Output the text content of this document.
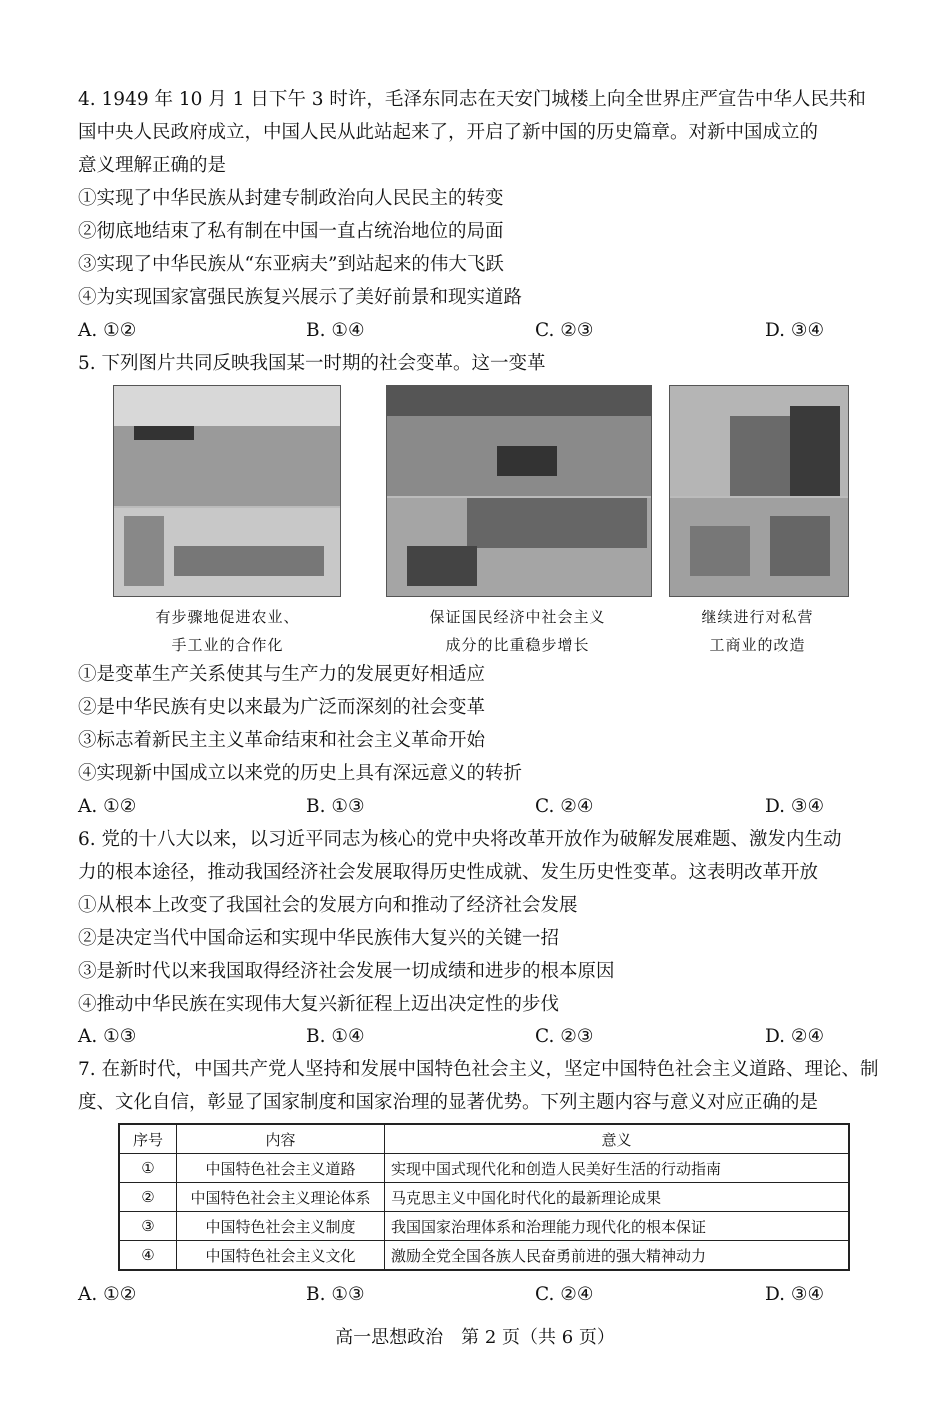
4. 1949 年 10 月 1 日下午 3 时许，毛泽东同志在天安门城楼上向全世界庄严宣告中华人民共和
国中央人民政府成立，中国人民从此站起来了，开启了新中国的历史篇章。对新中国成立的
意义理解正确的是
①实现了中华民族从封建专制政治向人民民主的转变
②彻底地结束了私有制在中国一直占统治地位的局面
③实现了中华民族从“东亚病夫”到站起来的伟大飞跃
④为实现国家富强民族复兴展示了美好前景和现实道路
A. ①②	B. ①④	C. ②③	D. ③④
5. 下列图片共同反映我国某一时期的社会变革。这一变革
有步骤地促进农业、
手工业的合作化
保证国民经济中社会主义
成分的比重稳步增长
继续进行对私营
工商业的改造
①是变革生产关系使其与生产力的发展更好相适应
②是中华民族有史以来最为广泛而深刻的社会变革
③标志着新民主主义革命结束和社会主义革命开始
④实现新中国成立以来党的历史上具有深远意义的转折
A. ①②	B. ①③	C. ②④	D. ③④
6. 党的十八大以来，以习近平同志为核心的党中央将改革开放作为破解发展难题、激发内生动
力的根本途径，推动我国经济社会发展取得历史性成就、发生历史性变革。这表明改革开放
①从根本上改变了我国社会的发展方向和推动了经济社会发展
②是决定当代中国命运和实现中华民族伟大复兴的关键一招
③是新时代以来我国取得经济社会发展一切成绩和进步的根本原因
④推动中华民族在实现伟大复兴新征程上迈出决定性的步伐
A. ①③	B. ①④	C. ②③	D. ②④
7. 在新时代，中国共产党人坚持和发展中国特色社会主义，坚定中国特色社会主义道路、理论、制
度、文化自信，彰显了国家制度和国家治理的显著优势。下列主题内容与意义对应正确的是
序号	内容	意义
①	中国特色社会主义道路	实现中国式现代化和创造人民美好生活的行动指南
②	中国特色社会主义理论体系	马克思主义中国化时代化的最新理论成果
③	中国特色社会主义制度	我国国家治理体系和治理能力现代化的根本保证
④	中国特色社会主义文化	激励全党全国各族人民奋勇前进的强大精神动力
A. ①②	B. ①③	C. ②④	D. ③④
高一思想政治　第 2 页（共 6 页）
